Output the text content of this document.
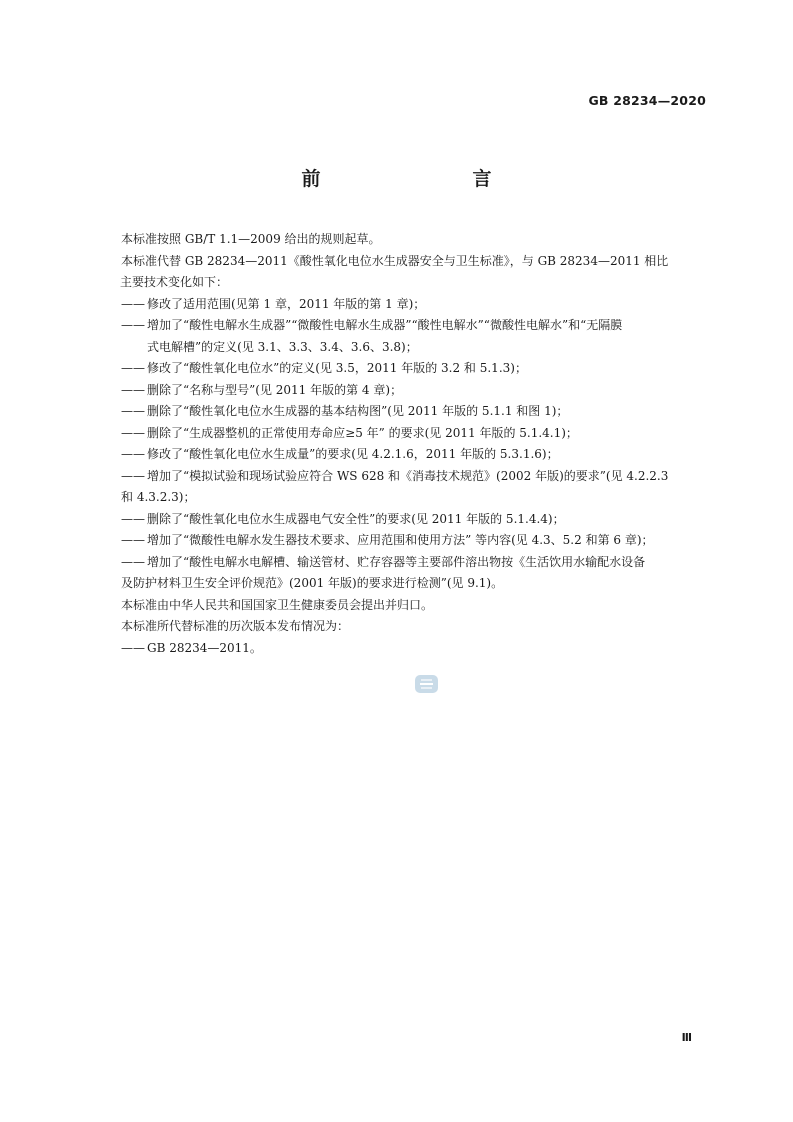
GB 28234—2020
前　　言

本标准按照 GB/T 1.1—2009 给出的规则起草。

本标准代替 GB 28234—2011《酸性氧化电位水生成器安全与卫生标准》，与 GB 28234—2011 相比

主要技术变化如下：

—— 修改了适用范围(见第 1 章，2011 年版的第 1 章)；
—— 增加了“酸性电解水生成器”“微酸性电解水生成器”“酸性电解水”“微酸性电解水”和“无隔膜
式电解槽”的定义(见 3.1、3.3、3.4、3.6、3.8)；
—— 修改了“酸性氧化电位水”的定义(见 3.5，2011 年版的 3.2 和 5.1.3)；
—— 删除了“名称与型号”(见 2011 年版的第 4 章)；
—— 删除了“酸性氧化电位水生成器的基本结构图”(见 2011 年版的 5.1.1 和图 1)；
—— 删除了“生成器整机的正常使用寿命应≥5 年” 的要求(见 2011 年版的 5.1.4.1)；
—— 修改了“酸性氧化电位水生成量”的要求(见 4.2.1.6，2011 年版的 5.3.1.6)；
—— 增加了“模拟试验和现场试验应符合 WS 628 和《消毒技术规范》(2002 年版)的要求”(见 4.2.2.3
和 4.3.2.3)；
—— 删除了“酸性氧化电位水生成器电气安全性”的要求(见 2011 年版的 5.1.4.4)；
—— 增加了“微酸性电解水发生器技术要求、应用范围和使用方法” 等内容(见 4.3、5.2 和第 6 章)；
—— 增加了“酸性电解水电解槽、输送管材、贮存容器等主要部件溶出物按《生活饮用水输配水设备
及防护材料卫生安全评价规范》(2001 年版)的要求进行检测”(见 9.1)。

本标准由中华人民共和国国家卫生健康委员会提出并归口。

本标准所代替标准的历次版本发布情况为：

—— GB 28234—2011。
Ⅲ
